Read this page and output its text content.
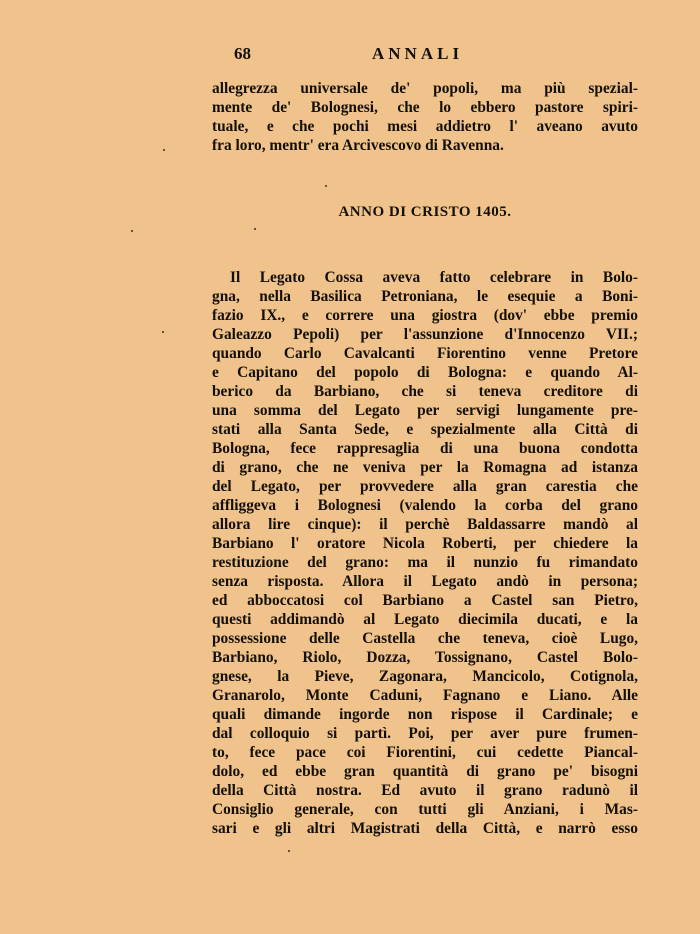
68	ANNALI
allegrezza universale de' popoli, ma più spezial-
mente de' Bolognesi, che lo ebbero pastore spiri-
tuale, e che pochi mesi addietro l' aveano avuto
fra loro, mentr' era Arcivescovo di Ravenna.
ANNO DI CRISTO 1405.
Il Legato Cossa aveva fatto celebrare in Bolo-
gna, nella Basilica Petroniana, le esequie a Boni-
fazio IX., e correre una giostra (dov' ebbe premio
Galeazzo Pepoli) per l'assunzione d'Innocenzo VII.;
quando Carlo Cavalcanti Fiorentino venne Pretore
e Capitano del popolo di Bologna: e quando Al-
berico da Barbiano, che si teneva creditore di
una somma del Legato per servigi lungamente pre-
stati alla Santa Sede, e spezialmente alla Città di
Bologna, fece rappresaglia di una buona condotta
di grano, che ne veniva per la Romagna ad istanza
del Legato, per provvedere alla gran carestia che
affliggeva i Bolognesi (valendo la corba del grano
allora lire cinque): il perchè Baldassarre mandò al
Barbiano l' oratore Nicola Roberti, per chiedere la
restituzione del grano: ma il nunzio fu rimandato
senza risposta. Allora il Legato andò in persona;
ed abboccatosi col Barbiano a Castel san Pietro,
questi addimandò al Legato diecimila ducati, e la
possessione delle Castella che teneva, cioè Lugo,
Barbiano, Riolo, Dozza, Tossignano, Castel Bolo-
gnese, la Pieve, Zagonara, Mancicolo, Cotignola,
Granarolo, Monte Caduni, Fagnano e Liano. Alle
quali dimande ingorde non rispose il Cardinale; e
dal colloquio si partì. Poi, per aver pure frumen-
to, fece pace coi Fiorentini, cui cedette Piancal-
dolo, ed ebbe gran quantità di grano pe' bisogni
della Città nostra. Ed avuto il grano radunò il
Consiglio generale, con tutti gli Anziani, i Mas-
sari e gli altri Magistrati della Città, e narrò esso
